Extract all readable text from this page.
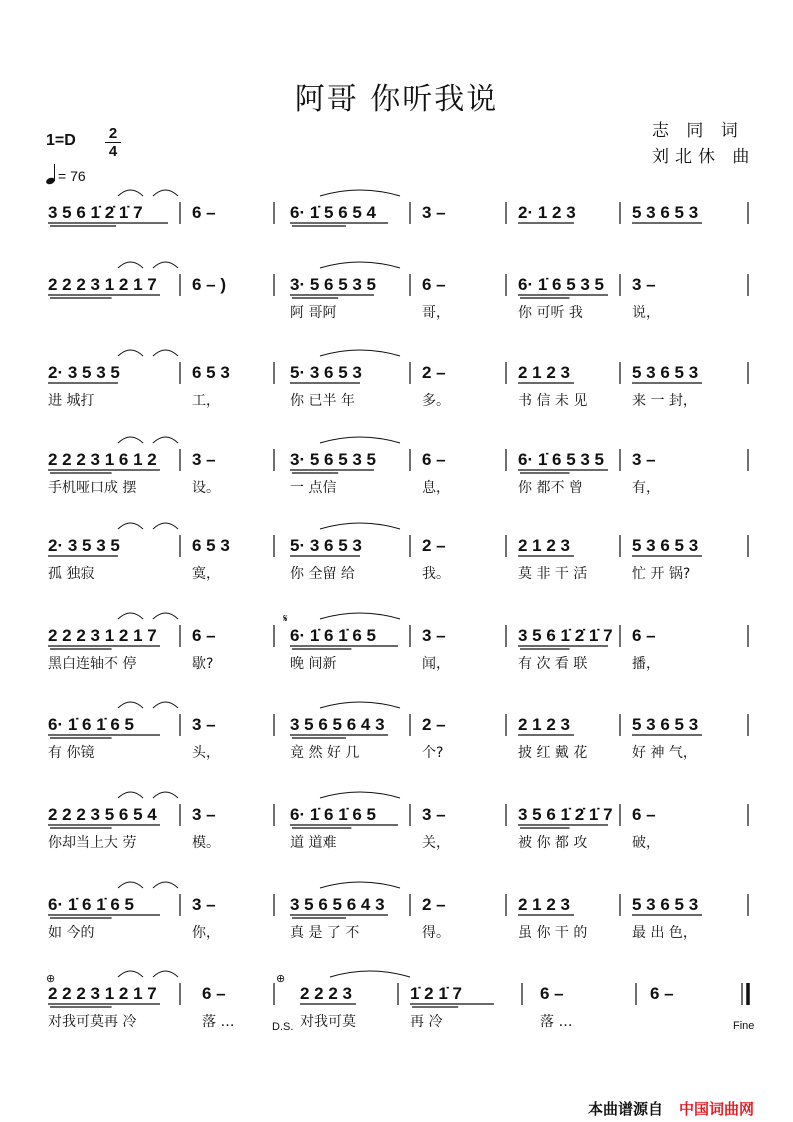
阿哥 你听我说
志 同 词
刘北休 曲
1=D 2
4
= 76
3 5 6 1̇ 2̇ 1̇ 7	6 –	6· 1̇ 5 6 5 4	3 –	2· 1 2 3	5 3 6 5 3
2 2 2 3 1 2 1 7 6 – )	3· 5 6 5 3 5
阿 哥阿
6 –
哥，
6· 1̇ 6 5 3 5
你 可听 我
3 –
说，
2· 3 5 3 5
进 城打
6 5 3
工，
5· 3 6 5 3
你 已半 年
2 –
多。
2 1 2 3
书 信 未 见
5 3 6 5 3
来 一 封，
2 2 2 3 1 6 1 2
手机哑口成 摆
3 –
设。
3· 5 6 5 3 5
一 点信
6 –
息，
6· 1̇ 6 5 3 5
你 都不 曾
3 –
有，
2· 3 5 3 5
孤 独寂
6 5 3
寞，
5· 3 6 5 3
你 全留 给
2 –
我。
2 1 2 3
莫 非 干 活
5 3 6 5 3
忙 开 锅?
2 2 2 3 1 2 1 7
黑白连轴不 停
6 –
歇?
6· 1̇ 6 1̇ 6 5
晚 间新
3 –
闻，
3 5 6 1̇ 2̇ 1̇ 7
有 次 看 联
6 –
播，
6· 1̇ 6 1̇ 6 5
有 你镜
3 –
头，
3 5 6 5 6 4 3
竟 然 好 几
2 –
个?
2 1 2 3
披 红 戴 花
5 3 6 5 3
好 神 气，
2 2 2 3 5 6 5 4
你却当上大 劳
3 –
模。
6· 1̇ 6 1̇ 6 5
道 道难
3 –
关，
3 5 6 1̇ 2̇ 1̇ 7
被 你 都 攻
6 –
破，
6· 1̇ 6 1̇ 6 5
如 今的
3 –
你，
3 5 6 5 6 4 3
真 是 了 不
2 –
得。
2 1 2 3
虽 你 干 的
5 3 6 5 3
最 出 色，
2 2 2 3 1 2 1 7
对我可莫再 冷
6 –
落 …
2 2 2 3
对我可莫
1̇ 2 1̇ 7
再 冷
6 –
落 …
6 –
𝄋
⊕	⊕
D.S.	Fine
本曲谱源自 中国词曲网
